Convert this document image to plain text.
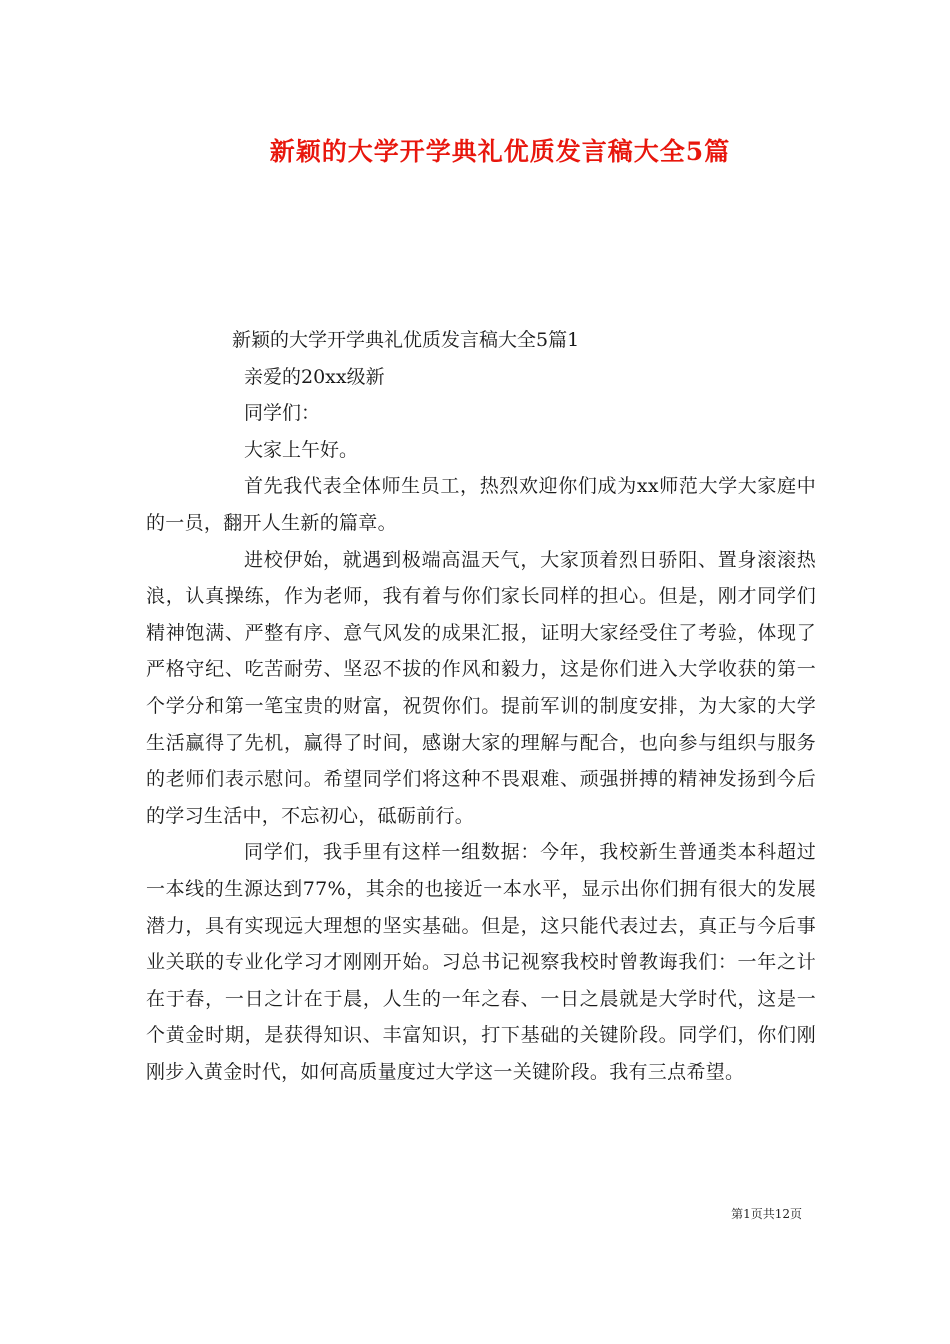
新颖的大学开学典礼优质发言稿大全5篇
新颖的大学开学典礼优质发言稿大全5篇1
亲爱的20xx级新
同学们：
大家上午好。
首先我代表全体师生员工，热烈欢迎你们成为xx师范大学大家庭中的一员，翻开人生新的篇章。
进校伊始，就遇到极端高温天气，大家顶着烈日骄阳、置身滚滚热浪，认真操练，作为老师，我有着与你们家长同样的担心。但是，刚才同学们精神饱满、严整有序、意气风发的成果汇报，证明大家经受住了考验，体现了严格守纪、吃苦耐劳、坚忍不拔的作风和毅力，这是你们进入大学收获的第一个学分和第一笔宝贵的财富，祝贺你们。提前军训的制度安排，为大家的大学生活赢得了先机，赢得了时间，感谢大家的理解与配合，也向参与组织与服务的老师们表示慰问。希望同学们将这种不畏艰难、顽强拼搏的精神发扬到今后的学习生活中，不忘初心，砥砺前行。
同学们，我手里有这样一组数据：今年，我校新生普通类本科超过一本线的生源达到77%，其余的也接近一本水平，显示出你们拥有很大的发展潜力，具有实现远大理想的坚实基础。但是，这只能代表过去，真正与今后事业关联的专业化学习才刚刚开始。习总书记视察我校时曾教诲我们：一年之计在于春，一日之计在于晨，人生的一年之春、一日之晨就是大学时代，这是一个黄金时期，是获得知识、丰富知识，打下基础的关键阶段。同学们，你们刚刚步入黄金时代，如何高质量度过大学这一关键阶段。我有三点希望。
第1页共12页
